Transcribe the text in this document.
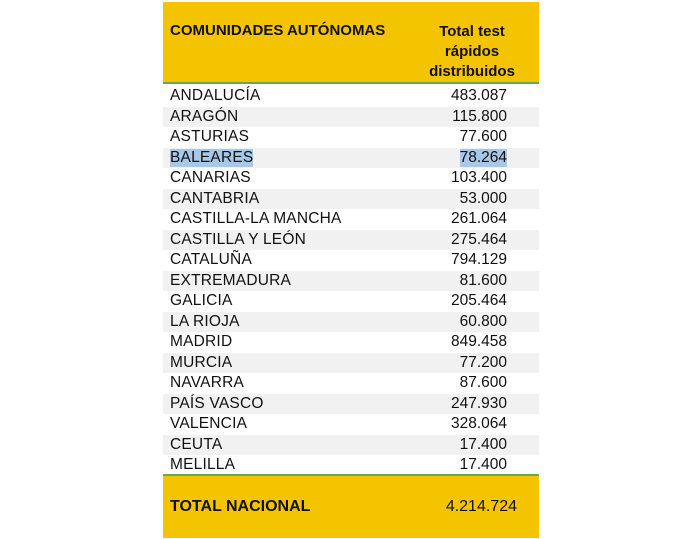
COMUNIDADES AUTÓNOMAS	Total test
rápidos
distribuidos
ANDALUCÍA	483.087
ARAGÓN	115.800
ASTURIAS	77.600
BALEARES	78.264
CANARIAS	103.400
CANTABRIA	53.000
CASTILLA-LA MANCHA	261.064
CASTILLA Y LEÓN	275.464
CATALUÑA	794.129
EXTREMADURA	81.600
GALICIA	205.464
LA RIOJA	60.800
MADRID	849.458
MURCIA	77.200
NAVARRA	87.600
PAÍS VASCO	247.930
VALENCIA	328.064
CEUTA	17.400
MELILLA	17.400
TOTAL NACIONAL	4.214.724
